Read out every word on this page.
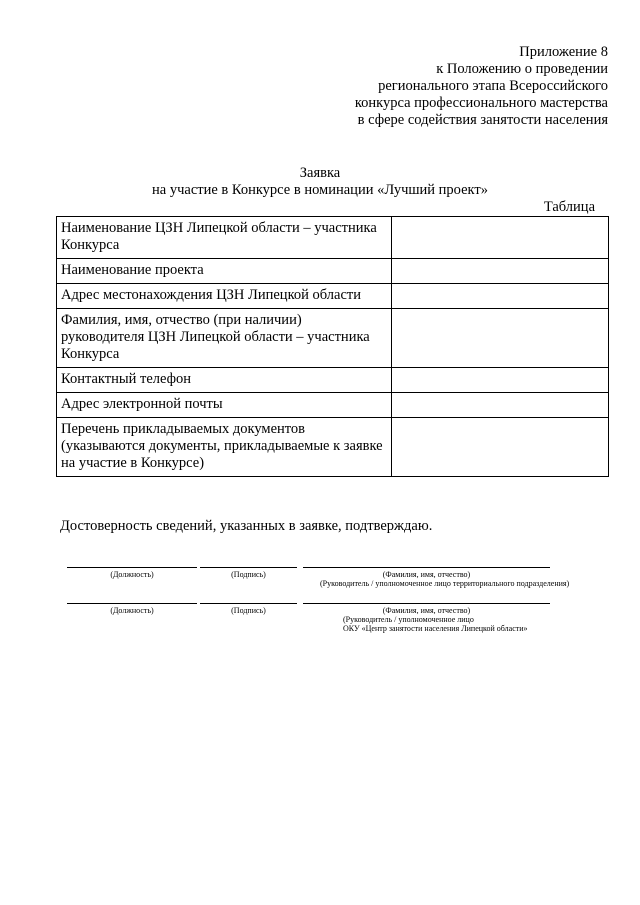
Приложение 8
к Положению о проведении
регионального этапа Всероссийского
конкурса профессионального мастерства
в сфере содействия занятости населения
Заявка
на участие в Конкурсе в номинации «Лучший проект»
Таблица
Наименование ЦЗН Липецкой области – участника Конкурса	
Наименование проекта	
Адрес местонахождения ЦЗН Липецкой области	
Фамилия, имя, отчество (при наличии) руководителя ЦЗН Липецкой области – участника Конкурса	
Контактный телефон	
Адрес электронной почты	
Перечень прикладываемых документов (указываются документы, прикладываемые к заявке на участие в Конкурсе)	
Достоверность сведений, указанных в заявке, подтверждаю.
(Должность)	(Подпись)	(Фамилия, имя, отчество)
(Руководитель / уполномоченное лицо территориального подразделения)
(Должность)	(Подпись)	(Фамилия, имя, отчество)
(Руководитель / уполномоченное лицо
ОКУ «Центр занятости населения Липецкой области»
